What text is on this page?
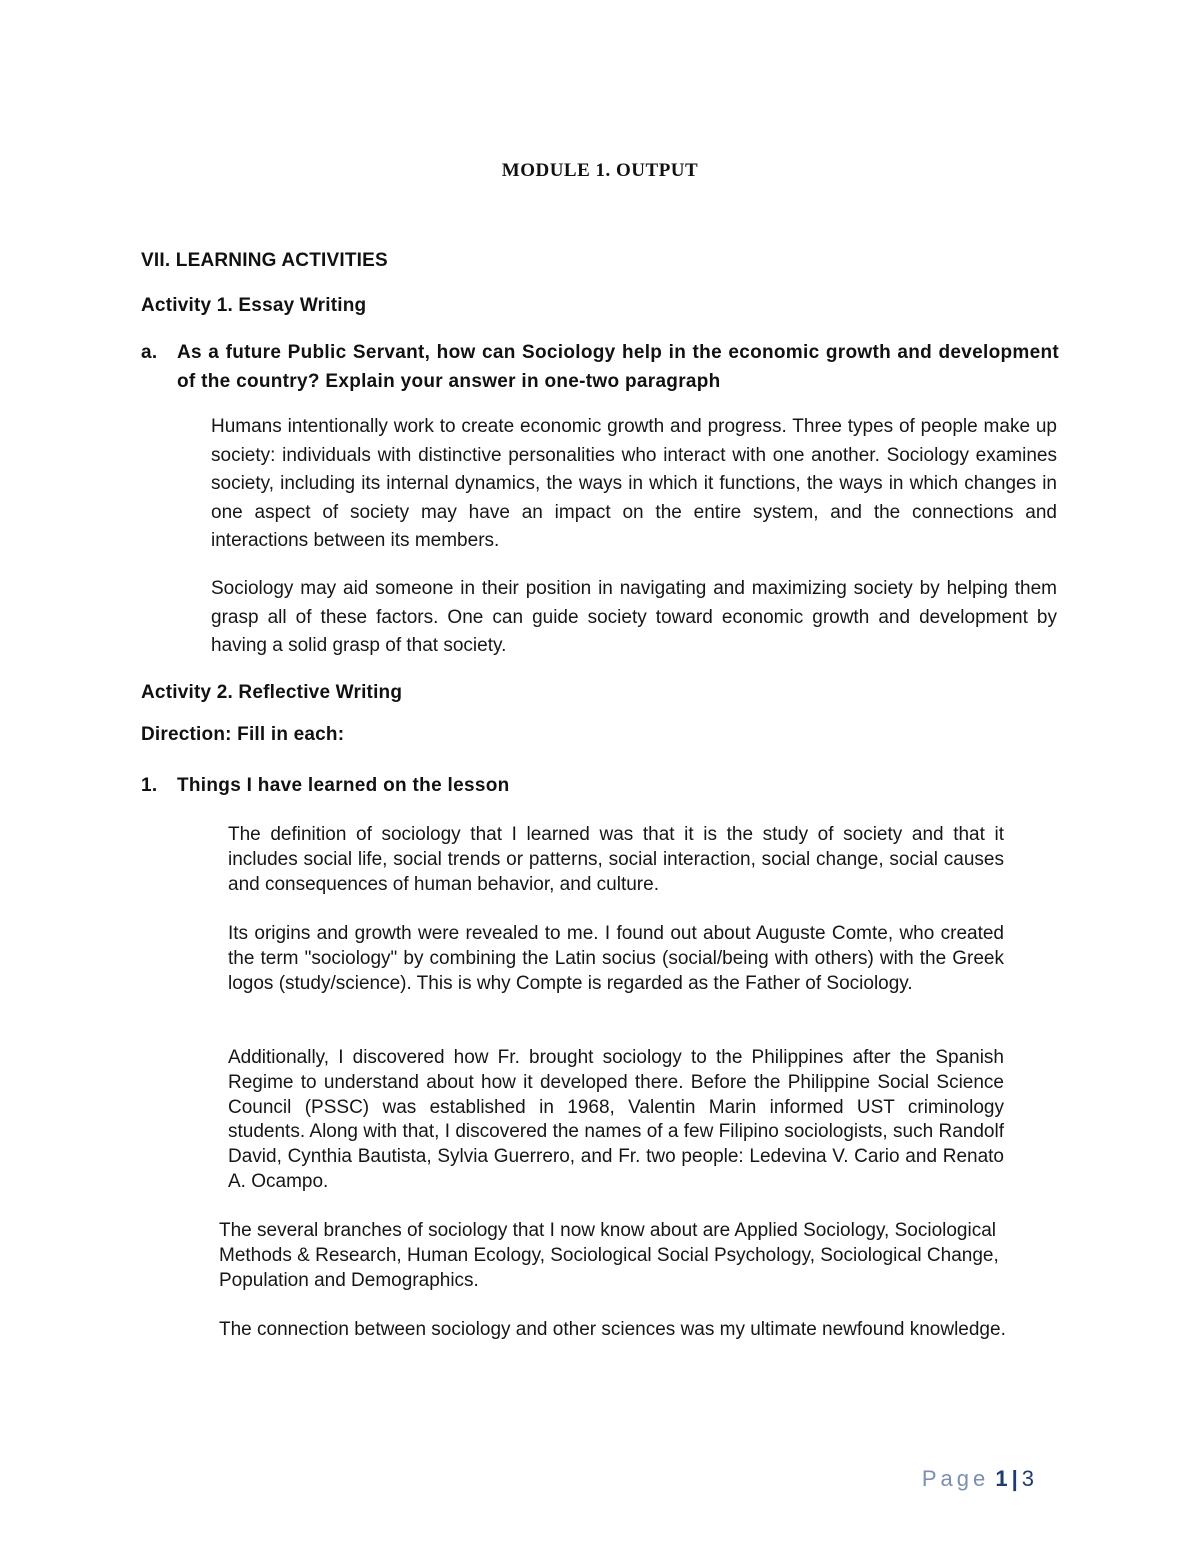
MODULE 1. OUTPUT
VII. LEARNING ACTIVITIES
Activity 1. Essay Writing
a. As a future Public Servant, how can Sociology help in the economic growth and development of the country? Explain your answer in one-two paragraph
Humans intentionally work to create economic growth and progress. Three types of people make up society: individuals with distinctive personalities who interact with one another. Sociology examines society, including its internal dynamics, the ways in which it functions, the ways in which changes in one aspect of society may have an impact on the entire system, and the connections and interactions between its members.
Sociology may aid someone in their position in navigating and maximizing society by helping them grasp all of these factors. One can guide society toward economic growth and development by having a solid grasp of that society.
Activity 2. Reflective Writing
Direction: Fill in each:
1. Things I have learned on the lesson
The definition of sociology that I learned was that it is the study of society and that it includes social life, social trends or patterns, social interaction, social change, social causes and consequences of human behavior, and culture.
Its origins and growth were revealed to me. I found out about Auguste Comte, who created the term "sociology" by combining the Latin socius (social/being with others) with the Greek logos (study/science). This is why Compte is regarded as the Father of Sociology.
Additionally, I discovered how Fr. brought sociology to the Philippines after the Spanish Regime to understand about how it developed there. Before the Philippine Social Science Council (PSSC) was established in 1968, Valentin Marin informed UST criminology students. Along with that, I discovered the names of a few Filipino sociologists, such Randolf David, Cynthia Bautista, Sylvia Guerrero, and Fr. two people: Ledevina V. Cario and Renato A. Ocampo.
The several branches of sociology that I now know about are Applied Sociology, Sociological Methods & Research, Human Ecology, Sociological Social Psychology, Sociological Change, Population and Demographics.
The connection between sociology and other sciences was my ultimate newfound knowledge.
Page 1 | 3
